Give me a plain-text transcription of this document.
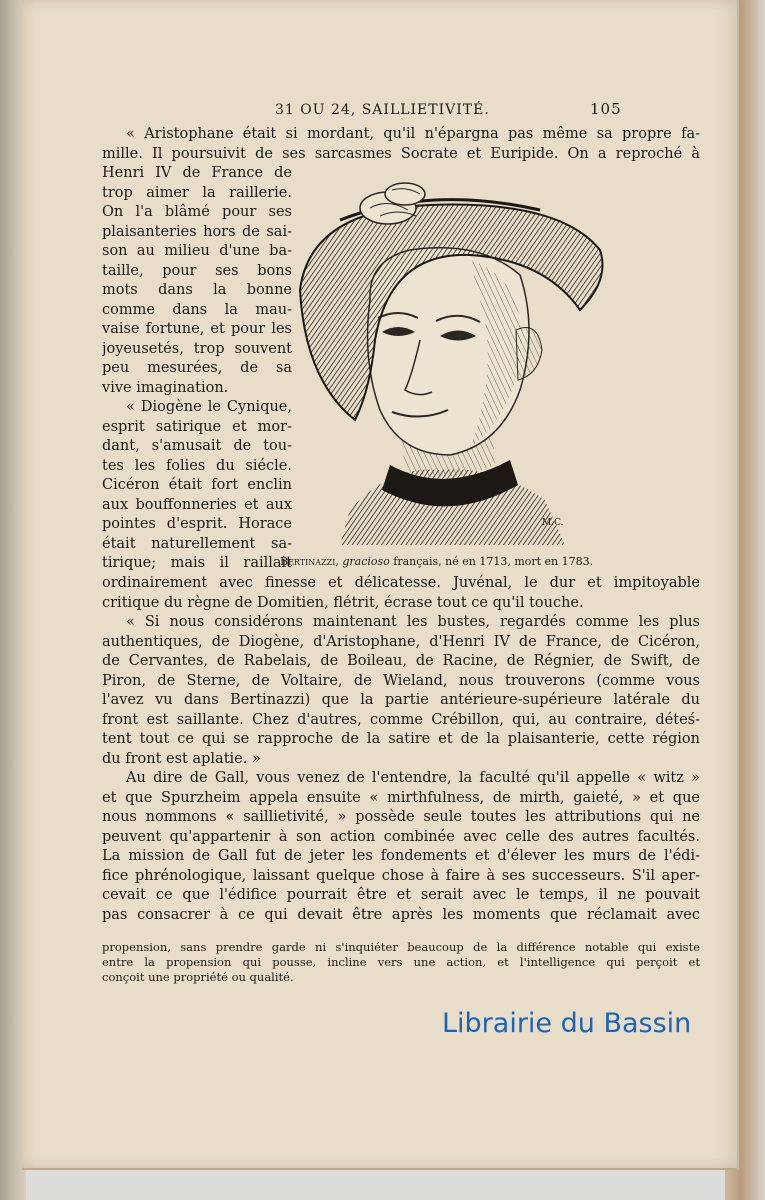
31 OU 24, SAILLIETIVITÉ.	105
« Aristophane était si mordant, qu'il n'épargna pas même sa propre fa-
mille. Il poursuivit de ses sarcasmes Socrate et Euripide. On a reproché à
Henri IV de France de
trop aimer la raillerie.
On l'a blâmé pour ses
plaisanteries hors de sai-
son au milieu d'une ba-
taille, pour ses bons
mots dans la bonne
comme dans la mau-
vaise fortune, et pour les
joyeusetés, trop souvent
peu mesurées, de sa
vive imagination.
« Diogène le Cynique,
esprit satirique et mor-
dant, s'amusait de tou-
tes les folies du siécle.
Cicéron était fort enclin
aux bouffonneries et aux
pointes d'esprit. Horace
était naturellement sa-
tirique; mais il raillait
M.C.
Bertinazzi, gracioso français, né en 1713, mort en 1783.
ordinairement avec finesse et délicatesse. Juvénal, le dur et impitoyable
critique du règne de Domitien, flétrit, écrase tout ce qu'il touche.
« Si nous considérons maintenant les bustes, regardés comme les plus
authentiques, de Diogène, d'Aristophane, d'Henri IV de France, de Cicéron,
de Cervantes, de Rabelais, de Boileau, de Racine, de Régnier, de Swift, de
Piron, de Sterne, de Voltaire, de Wieland, nous trouverons (comme vous
l'avez vu dans Bertinazzi) que la partie antérieure-supérieure latérale du
front est saillante. Chez d'autres, comme Crébillon, qui, au contraire, déteś-
tent tout ce qui se rapproche de la satire et de la plaisanterie, cette région
du front est aplatie. »
Au dire de Gall, vous venez de l'entendre, la faculté qu'il appelle « witz »
et que Spurzheim appela ensuite « mirthfulness, de mirth, gaieté, » et que
nous nommons « saillietivité, » possède seule toutes les attributions qui ne
peuvent qu'appartenir à son action combinée avec celle des autres facultés.
La mission de Gall fut de jeter les fondements et d'élever les murs de l'édi-
fice phrénologique, laissant quelque chose à faire à ses successeurs. S'il aper-
cevait ce que l'édifice pourrait être et serait avec le temps, il ne pouvait
pas consacrer à ce qui devait être après les moments que réclamait avec
propension, sans prendre garde ni s'inquiéter beaucoup de la différence notable qui existe
entre la propension qui pousse, incline vers une action, et l'intelligence qui perçoit et
conçoit une propriété ou qualité.
Librairie du Bassin
